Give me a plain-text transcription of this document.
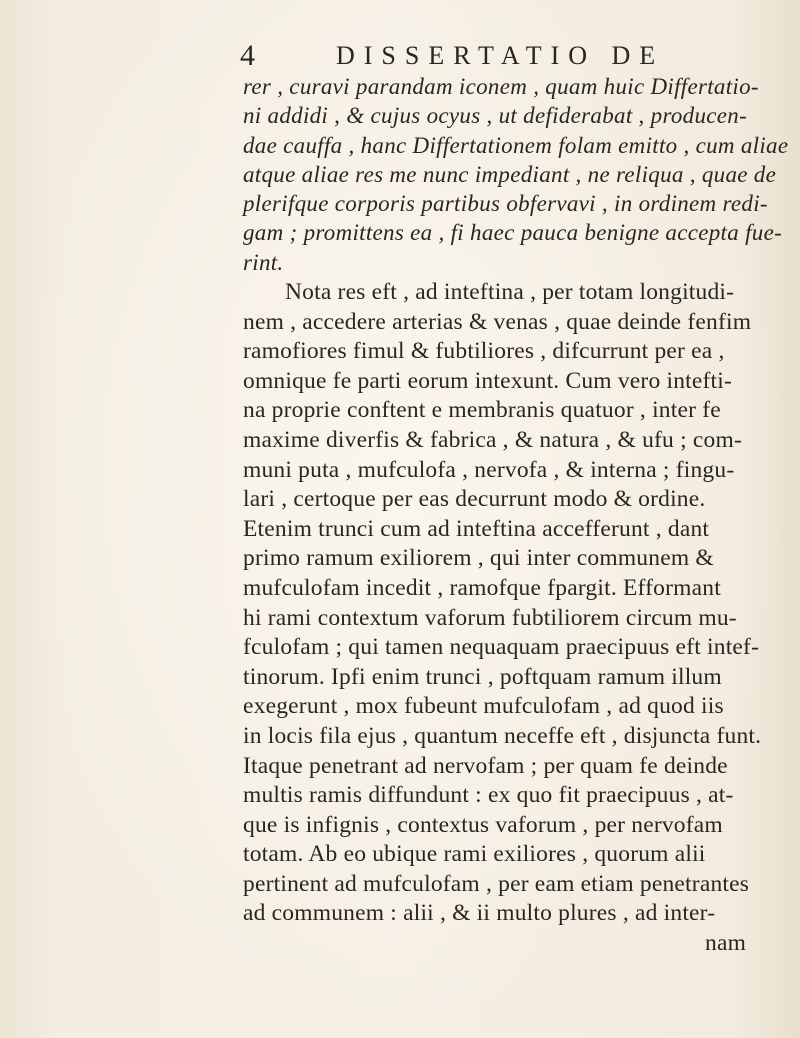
4	DISSERTATIO DE
rer , curavi parandam iconem , quam huic Differtatio-
ni addidi , & cujus ocyus , ut defiderabat , producen-
dae cauffa , hanc Differtationem folam emitto , cum aliae
atque aliae res me nunc impediant , ne reliqua , quae de
plerifque corporis partibus obfervavi , in ordinem redi-
gam ; promittens ea , fi haec pauca benigne accepta fue-
rint.
Nota res eft , ad inteftina , per totam longitudi-
nem , accedere arterias & venas , quae deinde fenfim
ramofiores fimul & fubtiliores , difcurrunt per ea ,
omnique fe parti eorum intexunt. Cum vero intefti-
na proprie conftent e membranis quatuor , inter fe
maxime diverfis & fabrica , & natura , & ufu ; com-
muni puta , mufculofa , nervofa , & interna ; fingu-
lari , certoque per eas decurrunt modo & ordine.
Etenim trunci cum ad inteftina accefferunt , dant
primo ramum exiliorem , qui inter communem &
mufculofam incedit , ramofque fpargit. Efformant
hi rami contextum vaforum fubtiliorem circum mu-
fculofam ; qui tamen nequaquam praecipuus eft intef-
tinorum. Ipfi enim trunci , poftquam ramum illum
exegerunt , mox fubeunt mufculofam , ad quod iis
in locis fila ejus , quantum neceffe eft , disjuncta funt.
Itaque penetrant ad nervofam ; per quam fe deinde
multis ramis diffundunt : ex quo fit praecipuus , at-
que is infignis , contextus vaforum , per nervofam
totam. Ab eo ubique rami exiliores , quorum alii
pertinent ad mufculofam , per eam etiam penetrantes
ad communem : alii , & ii multo plures , ad inter-
nam
